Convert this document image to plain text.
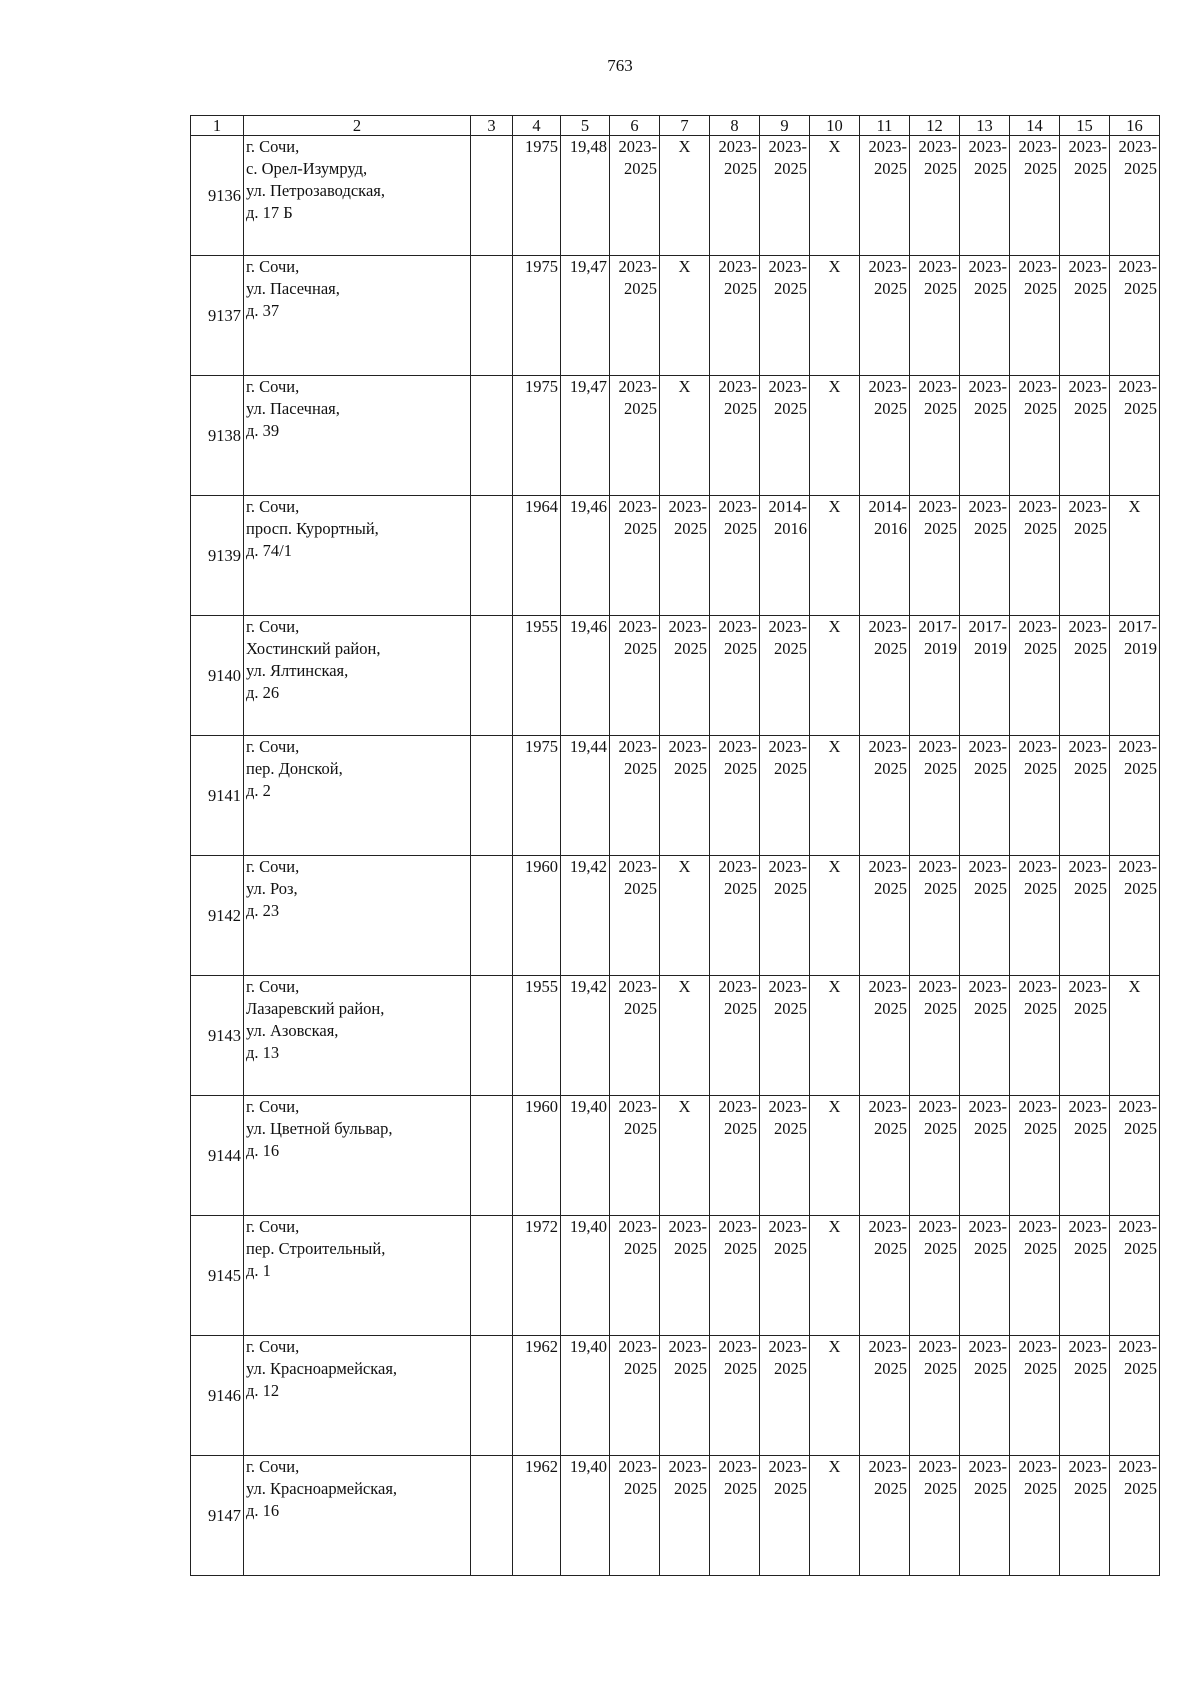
763
1	2	3	4	5	6	7	8	9	10	11	12	13	14	15	16
9136	г. Сочи,
с. Орел-Изумруд,
ул. Петрозаводская,
д. 17 Б		1975	19,48	2023-
2025	X	2023-
2025	2023-
2025	X	2023-
2025	2023-
2025	2023-
2025	2023-
2025	2023-
2025	2023-
2025

9137	г. Сочи,
ул. Пасечная,
д. 37		1975	19,47	2023-
2025	X	2023-
2025	2023-
2025	X	2023-
2025	2023-
2025	2023-
2025	2023-
2025	2023-
2025	2023-
2025

9138	г. Сочи,
ул. Пасечная,
д. 39		1975	19,47	2023-
2025	X	2023-
2025	2023-
2025	X	2023-
2025	2023-
2025	2023-
2025	2023-
2025	2023-
2025	2023-
2025

9139	г. Сочи,
просп. Курортный,
д. 74/1		1964	19,46	2023-
2025	2023-
2025	2023-
2025	2014-
2016	X	2014-
2016	2023-
2025	2023-
2025	2023-
2025	2023-
2025	X
9140	г. Сочи,
Хостинский район,
ул. Ялтинская,
д. 26		1955	19,46	2023-
2025	2023-
2025	2023-
2025	2023-
2025	X	2023-
2025	2017-
2019	2017-
2019	2023-
2025	2023-
2025	2017-
2019

9141	г. Сочи,
пер. Донской,
д. 2		1975	19,44	2023-
2025	2023-
2025	2023-
2025	2023-
2025	X	2023-
2025	2023-
2025	2023-
2025	2023-
2025	2023-
2025	2023-
2025

9142	г. Сочи,
ул. Роз,
д. 23		1960	19,42	2023-
2025	X	2023-
2025	2023-
2025	X	2023-
2025	2023-
2025	2023-
2025	2023-
2025	2023-
2025	2023-
2025

9143	г. Сочи,
Лазаревский район,
ул. Азовская,
д. 13		1955	19,42	2023-
2025	X	2023-
2025	2023-
2025	X	2023-
2025	2023-
2025	2023-
2025	2023-
2025	2023-
2025	X
9144	г. Сочи,
ул. Цветной бульвар,
д. 16		1960	19,40	2023-
2025	X	2023-
2025	2023-
2025	X	2023-
2025	2023-
2025	2023-
2025	2023-
2025	2023-
2025	2023-
2025

9145	г. Сочи,
пер. Строительный,
д. 1		1972	19,40	2023-
2025	2023-
2025	2023-
2025	2023-
2025	X	2023-
2025	2023-
2025	2023-
2025	2023-
2025	2023-
2025	2023-
2025

9146	г. Сочи,
ул. Красноармейская,
д. 12		1962	19,40	2023-
2025	2023-
2025	2023-
2025	2023-
2025	X	2023-
2025	2023-
2025	2023-
2025	2023-
2025	2023-
2025	2023-
2025

9147	г. Сочи,
ул. Красноармейская,
д. 16		1962	19,40	2023-
2025	2023-
2025	2023-
2025	2023-
2025	X	2023-
2025	2023-
2025	2023-
2025	2023-
2025	2023-
2025	2023-
2025
